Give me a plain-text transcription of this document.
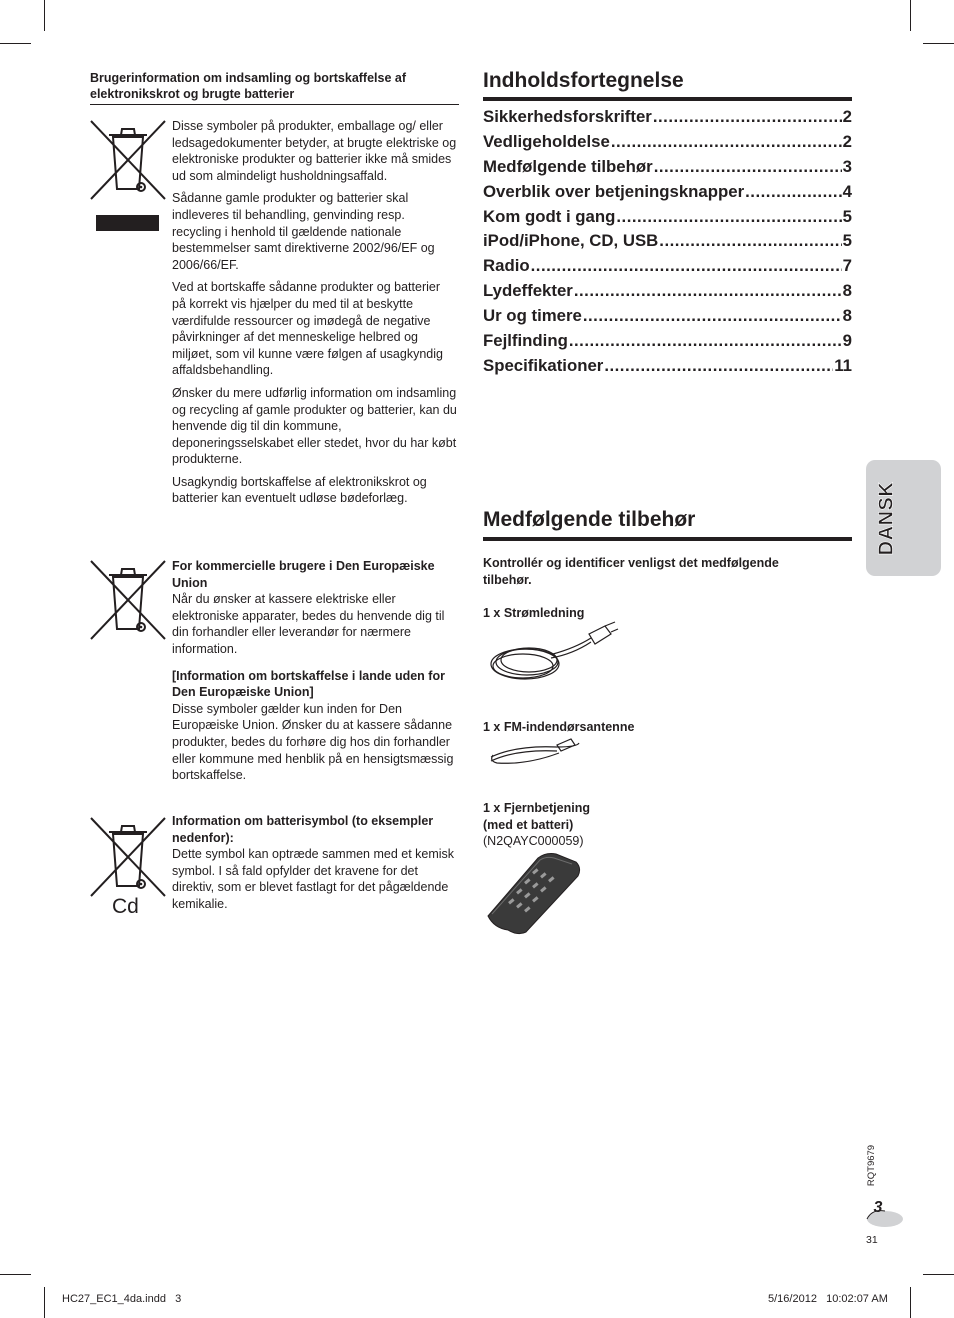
Brugerinformation om indsamling og bortskaffelse af elektronikskrot og brugte batterier

Disse symboler på produkter, emballage og/ eller ledsagedokumenter betyder, at brugte elektriske og elektroniske produkter og batterier ikke må smides ud som almindeligt husholdningsaffald.

Sådanne gamle produkter og batterier skal indleveres til behandling, genvinding resp. recycling i henhold til gældende nationale bestemmelser samt direktiverne 2002/96/EF og 2006/66/EF.

Ved at bortskaffe sådanne produkter og batterier på korrekt vis hjælper du med til at beskytte værdifulde ressourcer og imødegå de negative påvirkninger af det menneskelige helbred og miljøet, som vil kunne være følgen af usagkyndig affaldsbehandling.

Ønsker du mere udførlig information om indsamling og recycling af gamle produkter og batterier, kan du henvende dig til din kommune, deponeringsselskabet eller stedet, hvor du har købt produkterne.

Usagkyndig bortskaffelse af elektronikskrot og batterier kan eventuelt udløse bødeforlæg.

For kommercielle brugere i Den Europæiske Union

Når du ønsker at kassere elektriske eller elektroniske apparater, bedes du henvende dig til din forhandler eller leverandør for nærmere information.

[Information om bortskaffelse i lande uden for Den Europæiske Union]

Disse symboler gælder kun inden for Den Europæiske Union. Ønsker du at kassere sådanne produkter, bedes du forhøre dig hos din forhandler eller kommune med henblik på en hensigtsmæssig bortskaffelse.

Cd

Information om batterisymbol (to eksempler nedenfor):

Dette symbol kan optræde sammen med et kemisk symbol. I så fald opfylder det kravene for det direktiv, som er blevet fastlagt for det pågældende kemikalie.

Indholdsfortegnelse
Sikkerhedsforskrifter .....	2
Vedligeholdelse .....	2
Medfølgende tilbehør .....	3
Overblik over betjeningsknapper .....	4
Kom godt i gang .....	5
iPod/iPhone, CD, USB .....	5
Radio .....	7
Lydeffekter .....	8
Ur og timere .....	8
Fejlfinding .....	9
Specifikationer .....	11
Medfølgende tilbehør
Kontrollér og identificer venligst det medfølgende tilbehør.
1 x Strømledning
1 x FM-indendørsantenne
1 x Fjernbetjening
(med et batteri)
(N2QAYC000059)
DANSK
RQT9679
3
31
HC27_EC1_4da.indd   3	5/16/2012   10:02:07 AM
